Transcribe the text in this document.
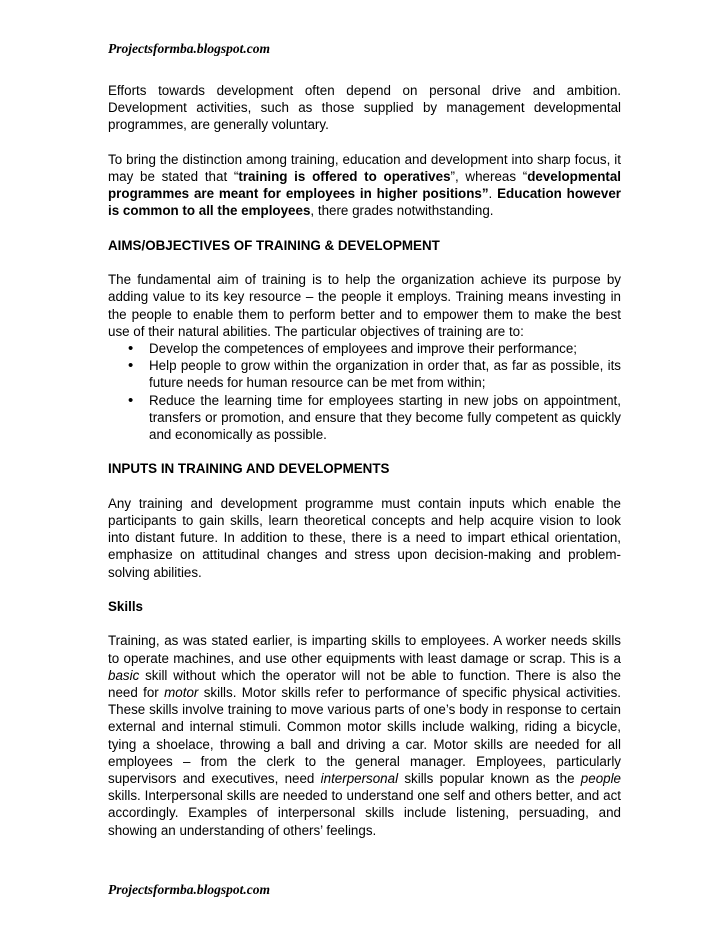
Projectsformba.blogspot.com

Efforts towards development often depend on personal drive and ambition. Development activities, such as those supplied by management developmental programmes, are generally voluntary.

To bring the distinction among training, education and development into sharp focus, it may be stated that “training is offered to operatives”, whereas “developmental programmes are meant for employees in higher positions”. Education however is common to all the employees, there grades notwithstanding.

AIMS/OBJECTIVES OF TRAINING & DEVELOPMENT

The fundamental aim of training is to help the organization achieve its purpose by adding value to its key resource – the people it employs. Training means investing in the people to enable them to perform better and to empower them to make the best use of their natural abilities. The particular objectives of training are to:

• Develop the competences of employees and improve their performance;
• Help people to grow within the organization in order that, as far as possible, its future needs for human resource can be met from within;
• Reduce the learning time for employees starting in new jobs on appointment, transfers or promotion, and ensure that they become fully competent as quickly and economically as possible.
INPUTS IN TRAINING AND DEVELOPMENTS

Any training and development programme must contain inputs which enable the participants to gain skills, learn theoretical concepts and help acquire vision to look into distant future. In addition to these, there is a need to impart ethical orientation, emphasize on attitudinal changes and stress upon decision-making and problem-solving abilities.

Skills

Training, as was stated earlier, is imparting skills to employees. A worker needs skills to operate machines, and use other equipments with least damage or scrap. This is a basic skill without which the operator will not be able to function. There is also the need for motor skills. Motor skills refer to performance of specific physical activities. These skills involve training to move various parts of one’s body in response to certain external and internal stimuli. Common motor skills include walking, riding a bicycle, tying a shoelace, throwing a ball and driving a car. Motor skills are needed for all employees – from the clerk to the general manager. Employees, particularly supervisors and executives, need interpersonal skills popular known as the people skills. Interpersonal skills are needed to understand one self and others better, and act accordingly. Examples of interpersonal skills include listening, persuading, and showing an understanding of others’ feelings.

Projectsformba.blogspot.com
